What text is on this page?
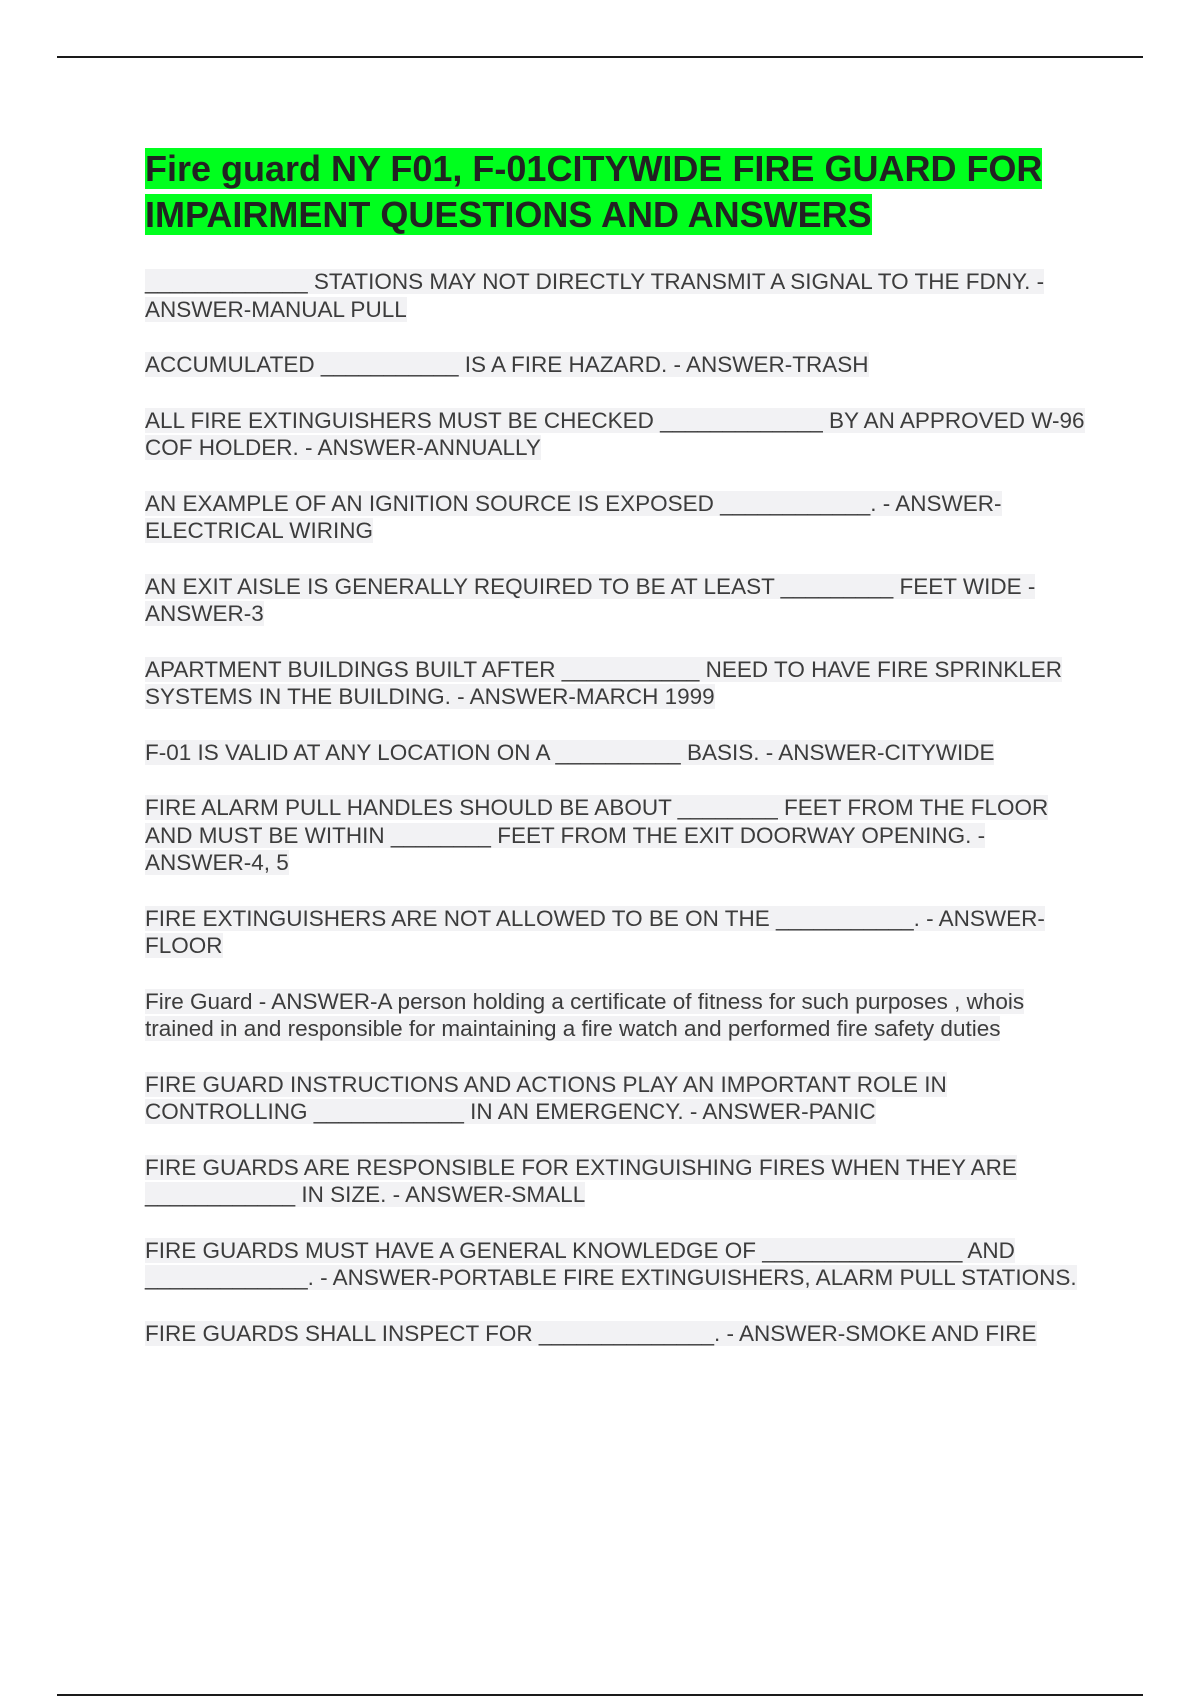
Fire guard NY F01, F-01CITYWIDE FIRE GUARD FOR IMPAIRMENT QUESTIONS AND ANSWERS

_____________ STATIONS MAY NOT DIRECTLY TRANSMIT A SIGNAL TO THE FDNY. - ANSWER-MANUAL PULL

ACCUMULATED ___________ IS A FIRE HAZARD. - ANSWER-TRASH

ALL FIRE EXTINGUISHERS MUST BE CHECKED _____________ BY AN APPROVED W-96 COF HOLDER. - ANSWER-ANNUALLY

AN EXAMPLE OF AN IGNITION SOURCE IS EXPOSED ____________. - ANSWER-ELECTRICAL WIRING

AN EXIT AISLE IS GENERALLY REQUIRED TO BE AT LEAST _________ FEET WIDE - ANSWER-3

APARTMENT BUILDINGS BUILT AFTER ___________ NEED TO HAVE FIRE SPRINKLER SYSTEMS IN THE BUILDING. - ANSWER-MARCH 1999

F-01 IS VALID AT ANY LOCATION ON A __________ BASIS. - ANSWER-CITYWIDE

FIRE ALARM PULL HANDLES SHOULD BE ABOUT ________ FEET FROM THE FLOOR AND MUST BE WITHIN ________ FEET FROM THE EXIT DOORWAY OPENING. - ANSWER-4, 5

FIRE EXTINGUISHERS ARE NOT ALLOWED TO BE ON THE ___________. - ANSWER-FLOOR

Fire Guard - ANSWER-A person holding a certificate of fitness for such purposes , whois trained in and responsible for maintaining a fire watch and performed fire safety duties

FIRE GUARD INSTRUCTIONS AND ACTIONS PLAY AN IMPORTANT ROLE IN CONTROLLING ____________ IN AN EMERGENCY. - ANSWER-PANIC

FIRE GUARDS ARE RESPONSIBLE FOR EXTINGUISHING FIRES WHEN THEY ARE ____________ IN SIZE. - ANSWER-SMALL

FIRE GUARDS MUST HAVE A GENERAL KNOWLEDGE OF ________________ AND _____________. - ANSWER-PORTABLE FIRE EXTINGUISHERS, ALARM PULL STATIONS.

FIRE GUARDS SHALL INSPECT FOR ______________. - ANSWER-SMOKE AND FIRE
